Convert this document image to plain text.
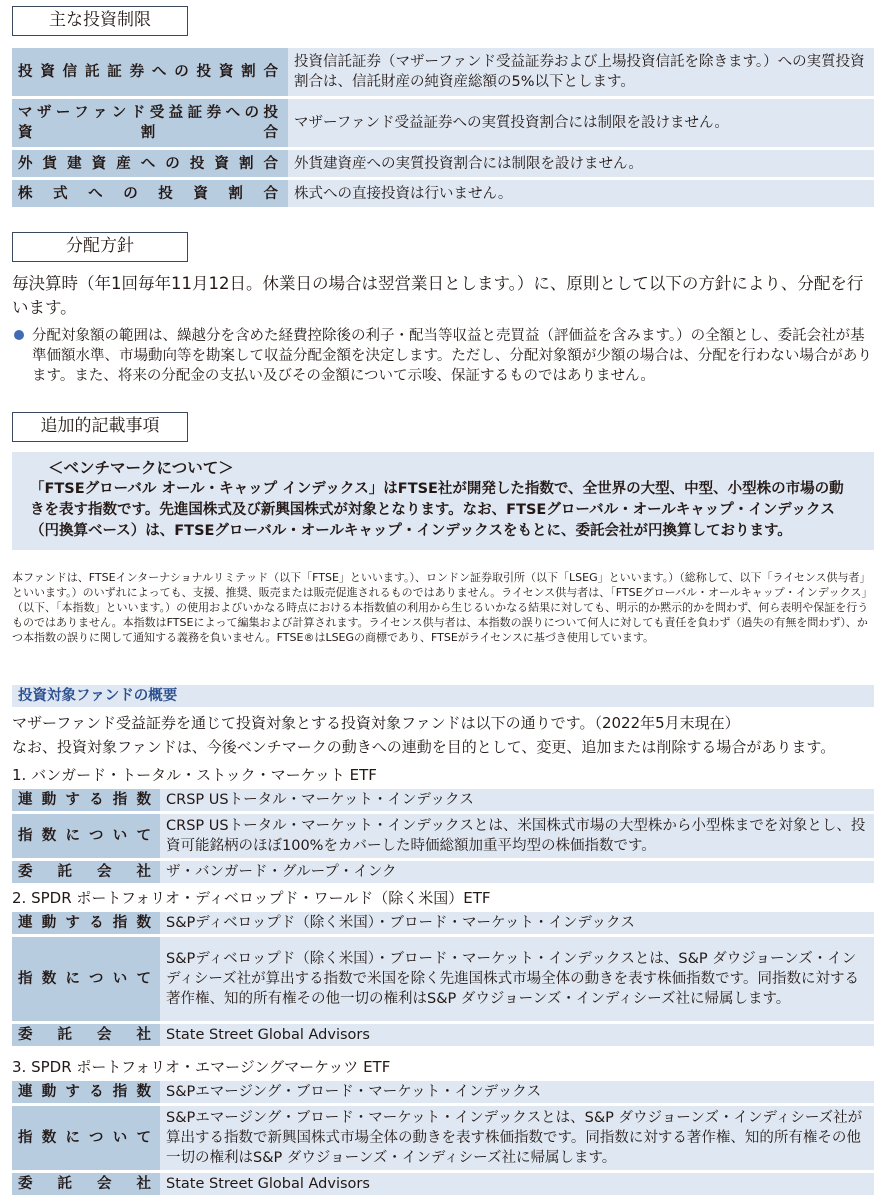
主な投資制限
投資信託証券への投資割合	投資信託証券（マザーファンド受益証券および上場投資信託を除きます。）への実質投資割合は、信託財産の純資産総額の5%以下とします。

マザーファンド受益証券への投資割合	マザーファンド受益証券への実質投資割合には制限を設けません。

外貨建資産への投資割合	外貨建資産への実質投資割合には制限を設けません。

株式への投資割合	株式への直接投資は行いません。
分配方針
毎決算時（年1回毎年11月12日。休業日の場合は翌営業日とします。）に、原則として以下の方針により、分配を行います。
分配対象額の範囲は、繰越分を含めた経費控除後の利子・配当等収益と売買益（評価益を含みます。）の全額とし、委託会社が基準価額水準、市場動向等を勘案して収益分配金額を決定します。ただし、分配対象額が少額の場合は、分配を行わない場合があります。また、将来の分配金の支払い及びその金額について示唆、保証するものではありません。
追加的記載事項
＜ベンチマークについて＞
「FTSEグローバル オール・キャップ インデックス」はFTSE社が開発した指数で、全世界の大型、中型、小型株の市場の動きを表す指数です。先進国株式及び新興国株式が対象となります。なお、FTSEグローバル・オールキャップ・インデックス（円換算ベース）は、FTSEグローバル・オールキャップ・インデックスをもとに、委託会社が円換算しております。
本ファンドは、FTSEインターナショナルリミテッド（以下「FTSE」といいます。）、ロンドン証券取引所（以下「LSEG」といいます。）（総称して、以下「ライセンス供与者」といいます。）のいずれによっても、支援、推奨、販売または販売促進されるものではありません。ライセンス供与者は、「FTSEグローバル・オールキャップ・インデックス」（以下、「本指数」といいます。）の使用およびいかなる時点における本指数値の利用から生じるいかなる結果に対しても、明示的か黙示的かを問わず、何ら表明や保証を行うものではありません。本指数はFTSEによって編集および計算されます。ライセンス供与者は、本指数の誤りについて何人に対しても責任を負わず（過失の有無を問わず）、かつ本指数の誤りに関して通知する義務を負いません。FTSE®はLSEGの商標であり、FTSEがライセンスに基づき使用しています。
投資対象ファンドの概要
マザーファンド受益証券を通じて投資対象とする投資対象ファンドは以下の通りです。（2022年5月末現在）
なお、投資対象ファンドは、今後ベンチマークの動きへの連動を目的として、変更、追加または削除する場合があります。
1. バンガード・トータル・ストック・マーケット ETF
連動する指数	CRSP USトータル・マーケット・インデックス

指数について	CRSP USトータル・マーケット・インデックスとは、米国株式市場の大型株から小型株までを対象とし、投資可能銘柄のほぼ100%をカバーした時価総額加重平均型の株価指数です。

委託会社	ザ・バンガード・グループ・インク
2. SPDR ポートフォリオ・ディベロップド・ワールド（除く米国）ETF
連動する指数	S&Pディベロップド（除く米国）・ブロード・マーケット・インデックス

指数について	S&Pディベロップド（除く米国）・ブロード・マーケット・インデックスとは、S&P ダウジョーンズ・インディシーズ社が算出する指数で米国を除く先進国株式市場全体の動きを表す株価指数です。同指数に対する著作権、知的所有権その他一切の権利はS&P ダウジョーンズ・インディシーズ社に帰属します。

委託会社	State Street Global Advisors
3. SPDR ポートフォリオ・エマージングマーケッツ ETF
連動する指数	S&Pエマージング・ブロード・マーケット・インデックス

指数について	S&Pエマージング・ブロード・マーケット・インデックスとは、S&P ダウジョーンズ・インディシーズ社が算出する指数で新興国株式市場全体の動きを表す株価指数です。同指数に対する著作権、知的所有権その他一切の権利はS&P ダウジョーンズ・インディシーズ社に帰属します。

委託会社	State Street Global Advisors
